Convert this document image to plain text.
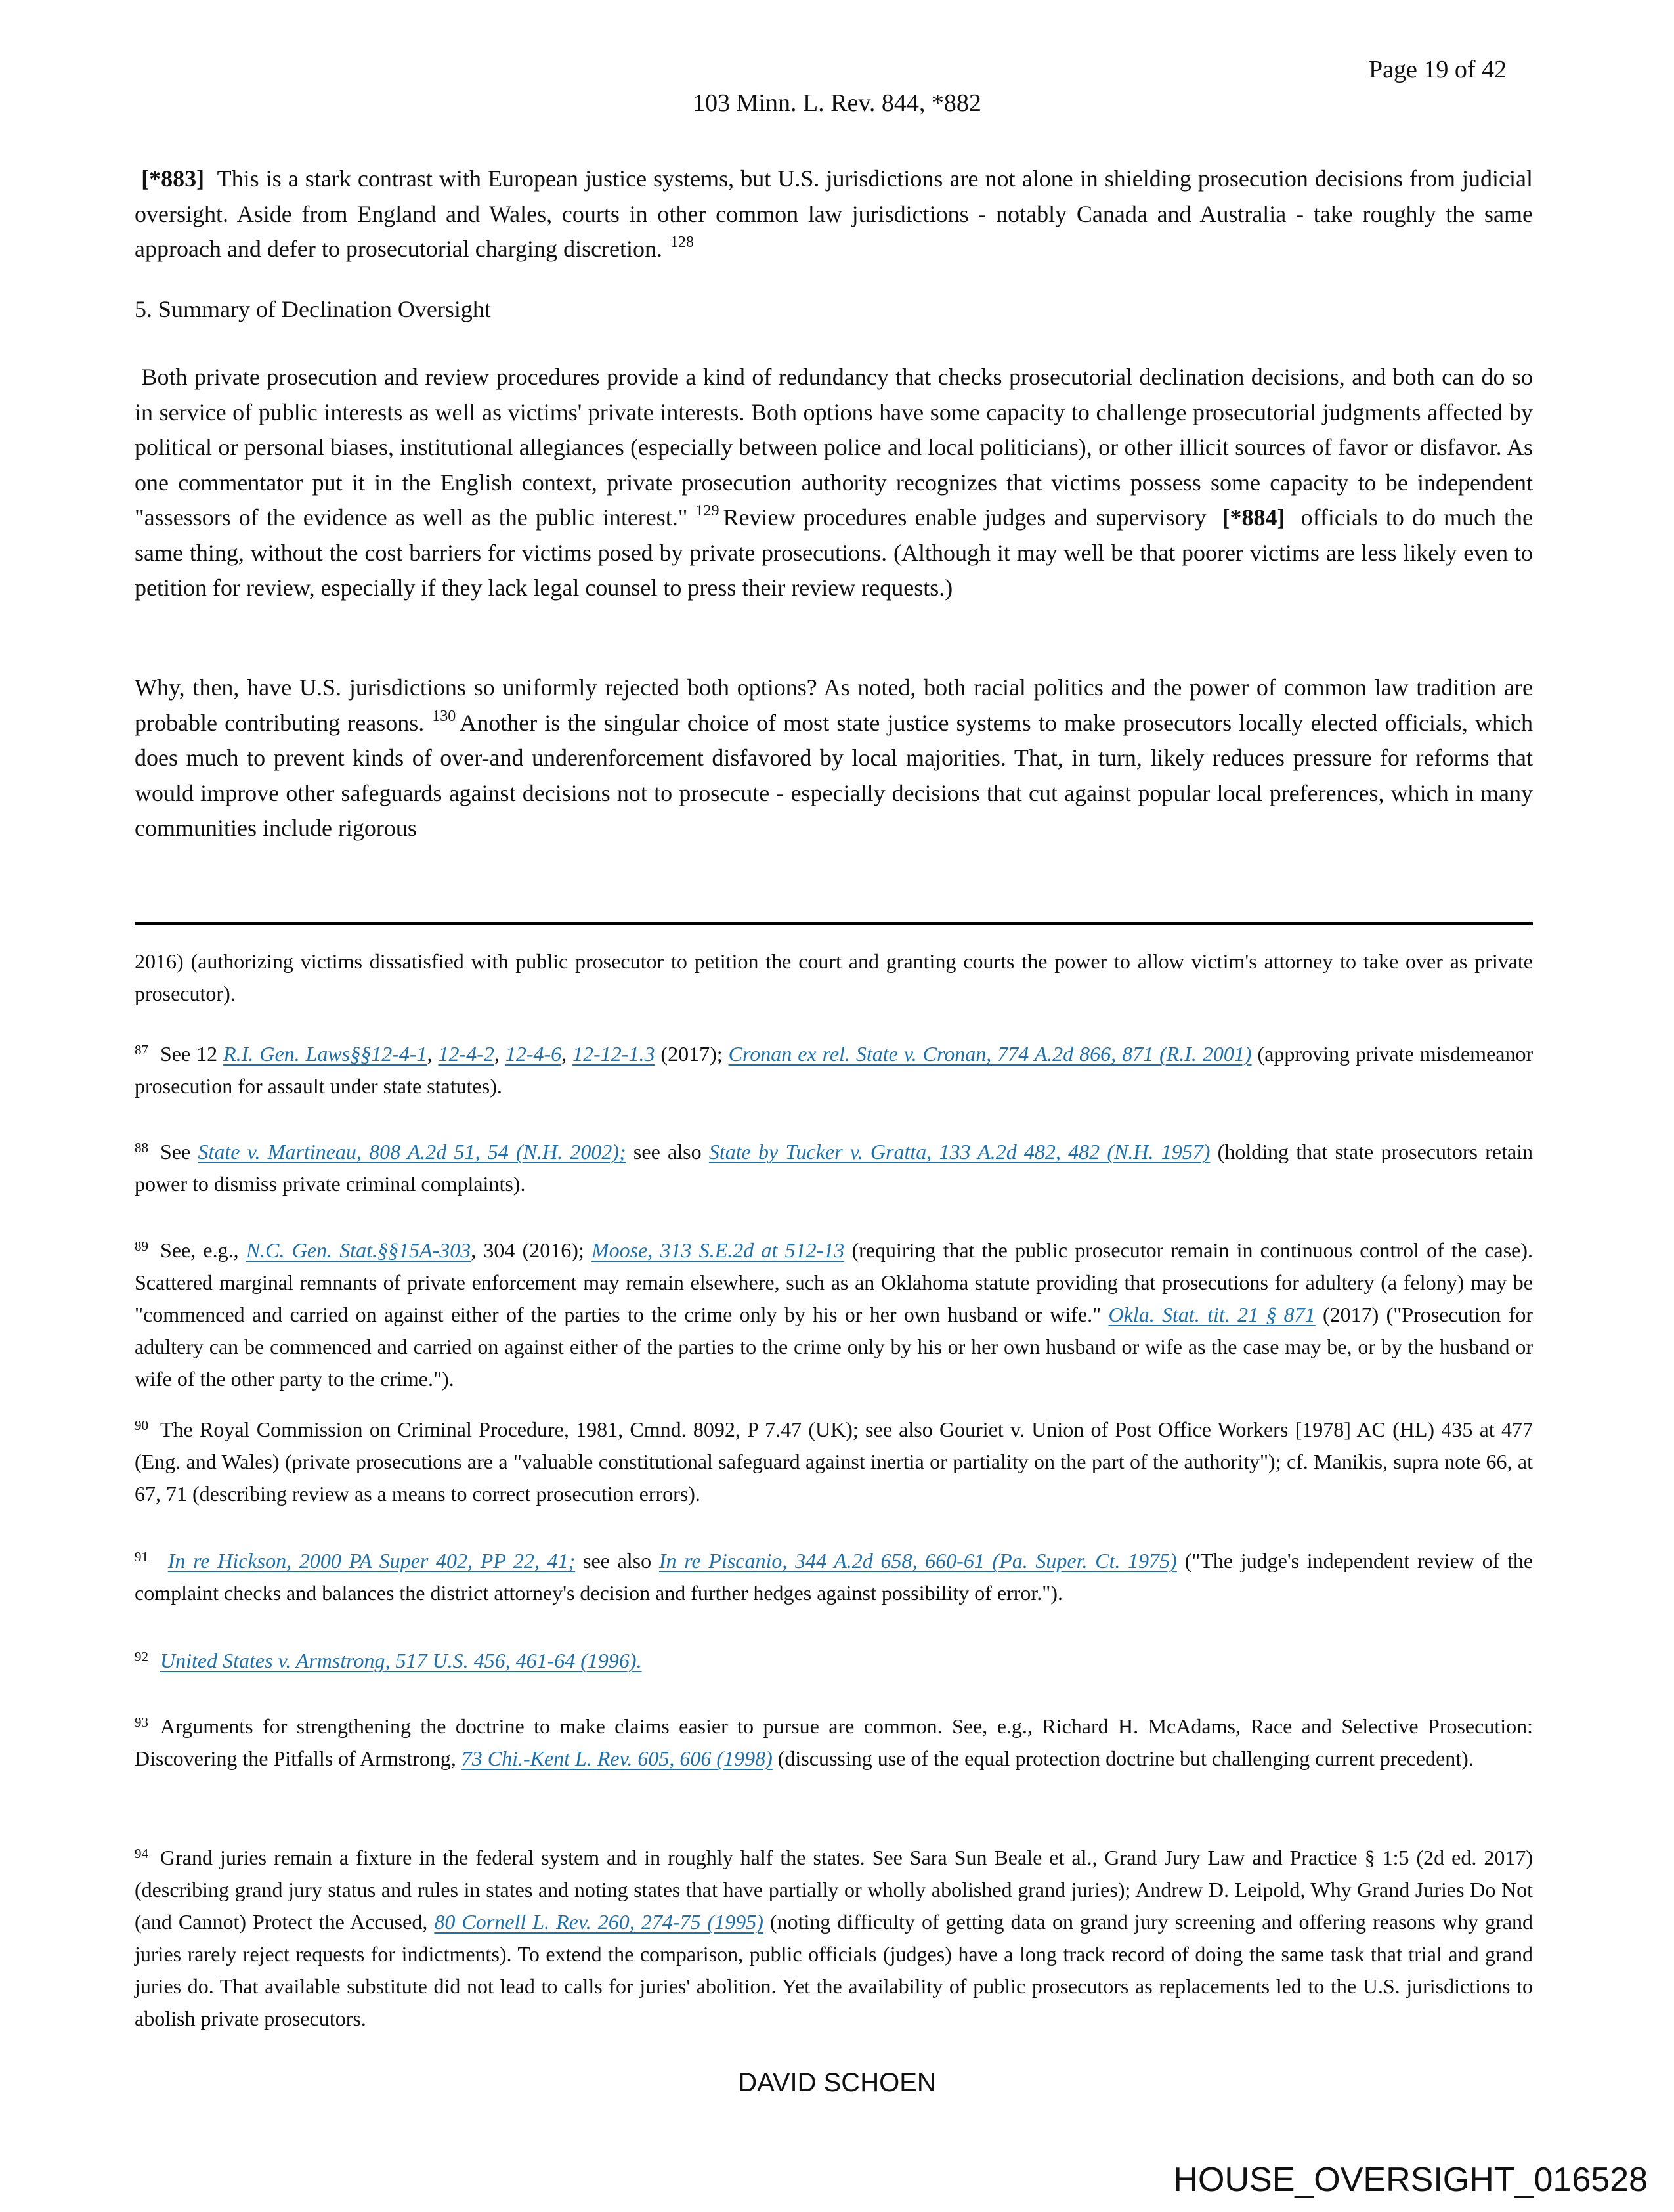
Page 19 of 42
103 Minn. L. Rev. 844, *882

[*883] This is a stark contrast with European justice systems, but U.S. jurisdictions are not alone in shielding prosecution decisions from judicial oversight. Aside from England and Wales, courts in other common law jurisdictions - notably Canada and Australia - take roughly the same approach and defer to prosecutorial charging discretion. $^{128}$

5. Summary of Declination Oversight

Both private prosecution and review procedures provide a kind of redundancy that checks prosecutorial declination decisions, and both can do so in service of public interests as well as victims' private interests. Both options have some capacity to challenge prosecutorial judgments affected by political or personal biases, institutional allegiances (especially between police and local politicians), or other illicit sources of favor or disfavor. As one commentator put it in the English context, private prosecution authority recognizes that victims possess some capacity to be independent "assessors of the evidence as well as the public interest." $^{129}$ Review procedures enable judges and supervisory [*884] officials to do much the same thing, without the cost barriers for victims posed by private prosecutions. (Although it may well be that poorer victims are less likely even to petition for review, especially if they lack legal counsel to press their review requests.)

Why, then, have U.S. jurisdictions so uniformly rejected both options? As noted, both racial politics and the power of common law tradition are probable contributing reasons. $^{130}$ Another is the singular choice of most state justice systems to make prosecutors locally elected officials, which does much to prevent kinds of over-and underenforcement disfavored by local majorities. That, in turn, likely reduces pressure for reforms that would improve other safeguards against decisions not to prosecute - especially decisions that cut against popular local preferences, which in many communities include rigorous

2016) (authorizing victims dissatisfied with public prosecutor to petition the court and granting courts the power to allow victim's attorney to take over as private prosecutor).

$^{87}$ See 12 R.I. Gen. Laws§§12-4-1, 12-4-2, 12-4-6, 12-12-1.3 (2017); Cronan ex rel. State v. Cronan, 774 A.2d 866, 871 (R.I. 2001) (approving private misdemeanor prosecution for assault under state statutes).

$^{88}$ See State v. Martineau, 808 A.2d 51, 54 (N.H. 2002); see also State by Tucker v. Gratta, 133 A.2d 482, 482 (N.H. 1957) (holding that state prosecutors retain power to dismiss private criminal complaints).

$^{89}$ See, e.g., N.C. Gen. Stat.§§15A-303, 304 (2016); Moose, 313 S.E.2d at 512-13 (requiring that the public prosecutor remain in continuous control of the case). Scattered marginal remnants of private enforcement may remain elsewhere, such as an Oklahoma statute providing that prosecutions for adultery (a felony) may be "commenced and carried on against either of the parties to the crime only by his or her own husband or wife." Okla. Stat. tit. 21 § 871 (2017) ("Prosecution for adultery can be commenced and carried on against either of the parties to the crime only by his or her own husband or wife as the case may be, or by the husband or wife of the other party to the crime.").

$^{90}$ The Royal Commission on Criminal Procedure, 1981, Cmnd. 8092, P 7.47 (UK); see also Gouriet v. Union of Post Office Workers [1978] AC (HL) 435 at 477 (Eng. and Wales) (private prosecutions are a "valuable constitutional safeguard against inertia or partiality on the part of the authority"); cf. Manikis, supra note 66, at 67, 71 (describing review as a means to correct prosecution errors).

$^{91}$ In re Hickson, 2000 PA Super 402, PP 22, 41; see also In re Piscanio, 344 A.2d 658, 660-61 (Pa. Super. Ct. 1975) ("The judge's independent review of the complaint checks and balances the district attorney's decision and further hedges against possibility of error.").

$^{92}$ United States v. Armstrong, 517 U.S. 456, 461-64 (1996).

$^{93}$ Arguments for strengthening the doctrine to make claims easier to pursue are common. See, e.g., Richard H. McAdams, Race and Selective Prosecution: Discovering the Pitfalls of Armstrong, 73 Chi.-Kent L. Rev. 605, 606 (1998) (discussing use of the equal protection doctrine but challenging current precedent).

$^{94}$ Grand juries remain a fixture in the federal system and in roughly half the states. See Sara Sun Beale et al., Grand Jury Law and Practice § 1:5 (2d ed. 2017) (describing grand jury status and rules in states and noting states that have partially or wholly abolished grand juries); Andrew D. Leipold, Why Grand Juries Do Not (and Cannot) Protect the Accused, 80 Cornell L. Rev. 260, 274-75 (1995) (noting difficulty of getting data on grand jury screening and offering reasons why grand juries rarely reject requests for indictments). To extend the comparison, public officials (judges) have a long track record of doing the same task that trial and grand juries do. That available substitute did not lead to calls for juries' abolition. Yet the availability of public prosecutors as replacements led to the U.S. jurisdictions to abolish private prosecutors.

DAVID SCHOEN
HOUSE_OVERSIGHT_016528
